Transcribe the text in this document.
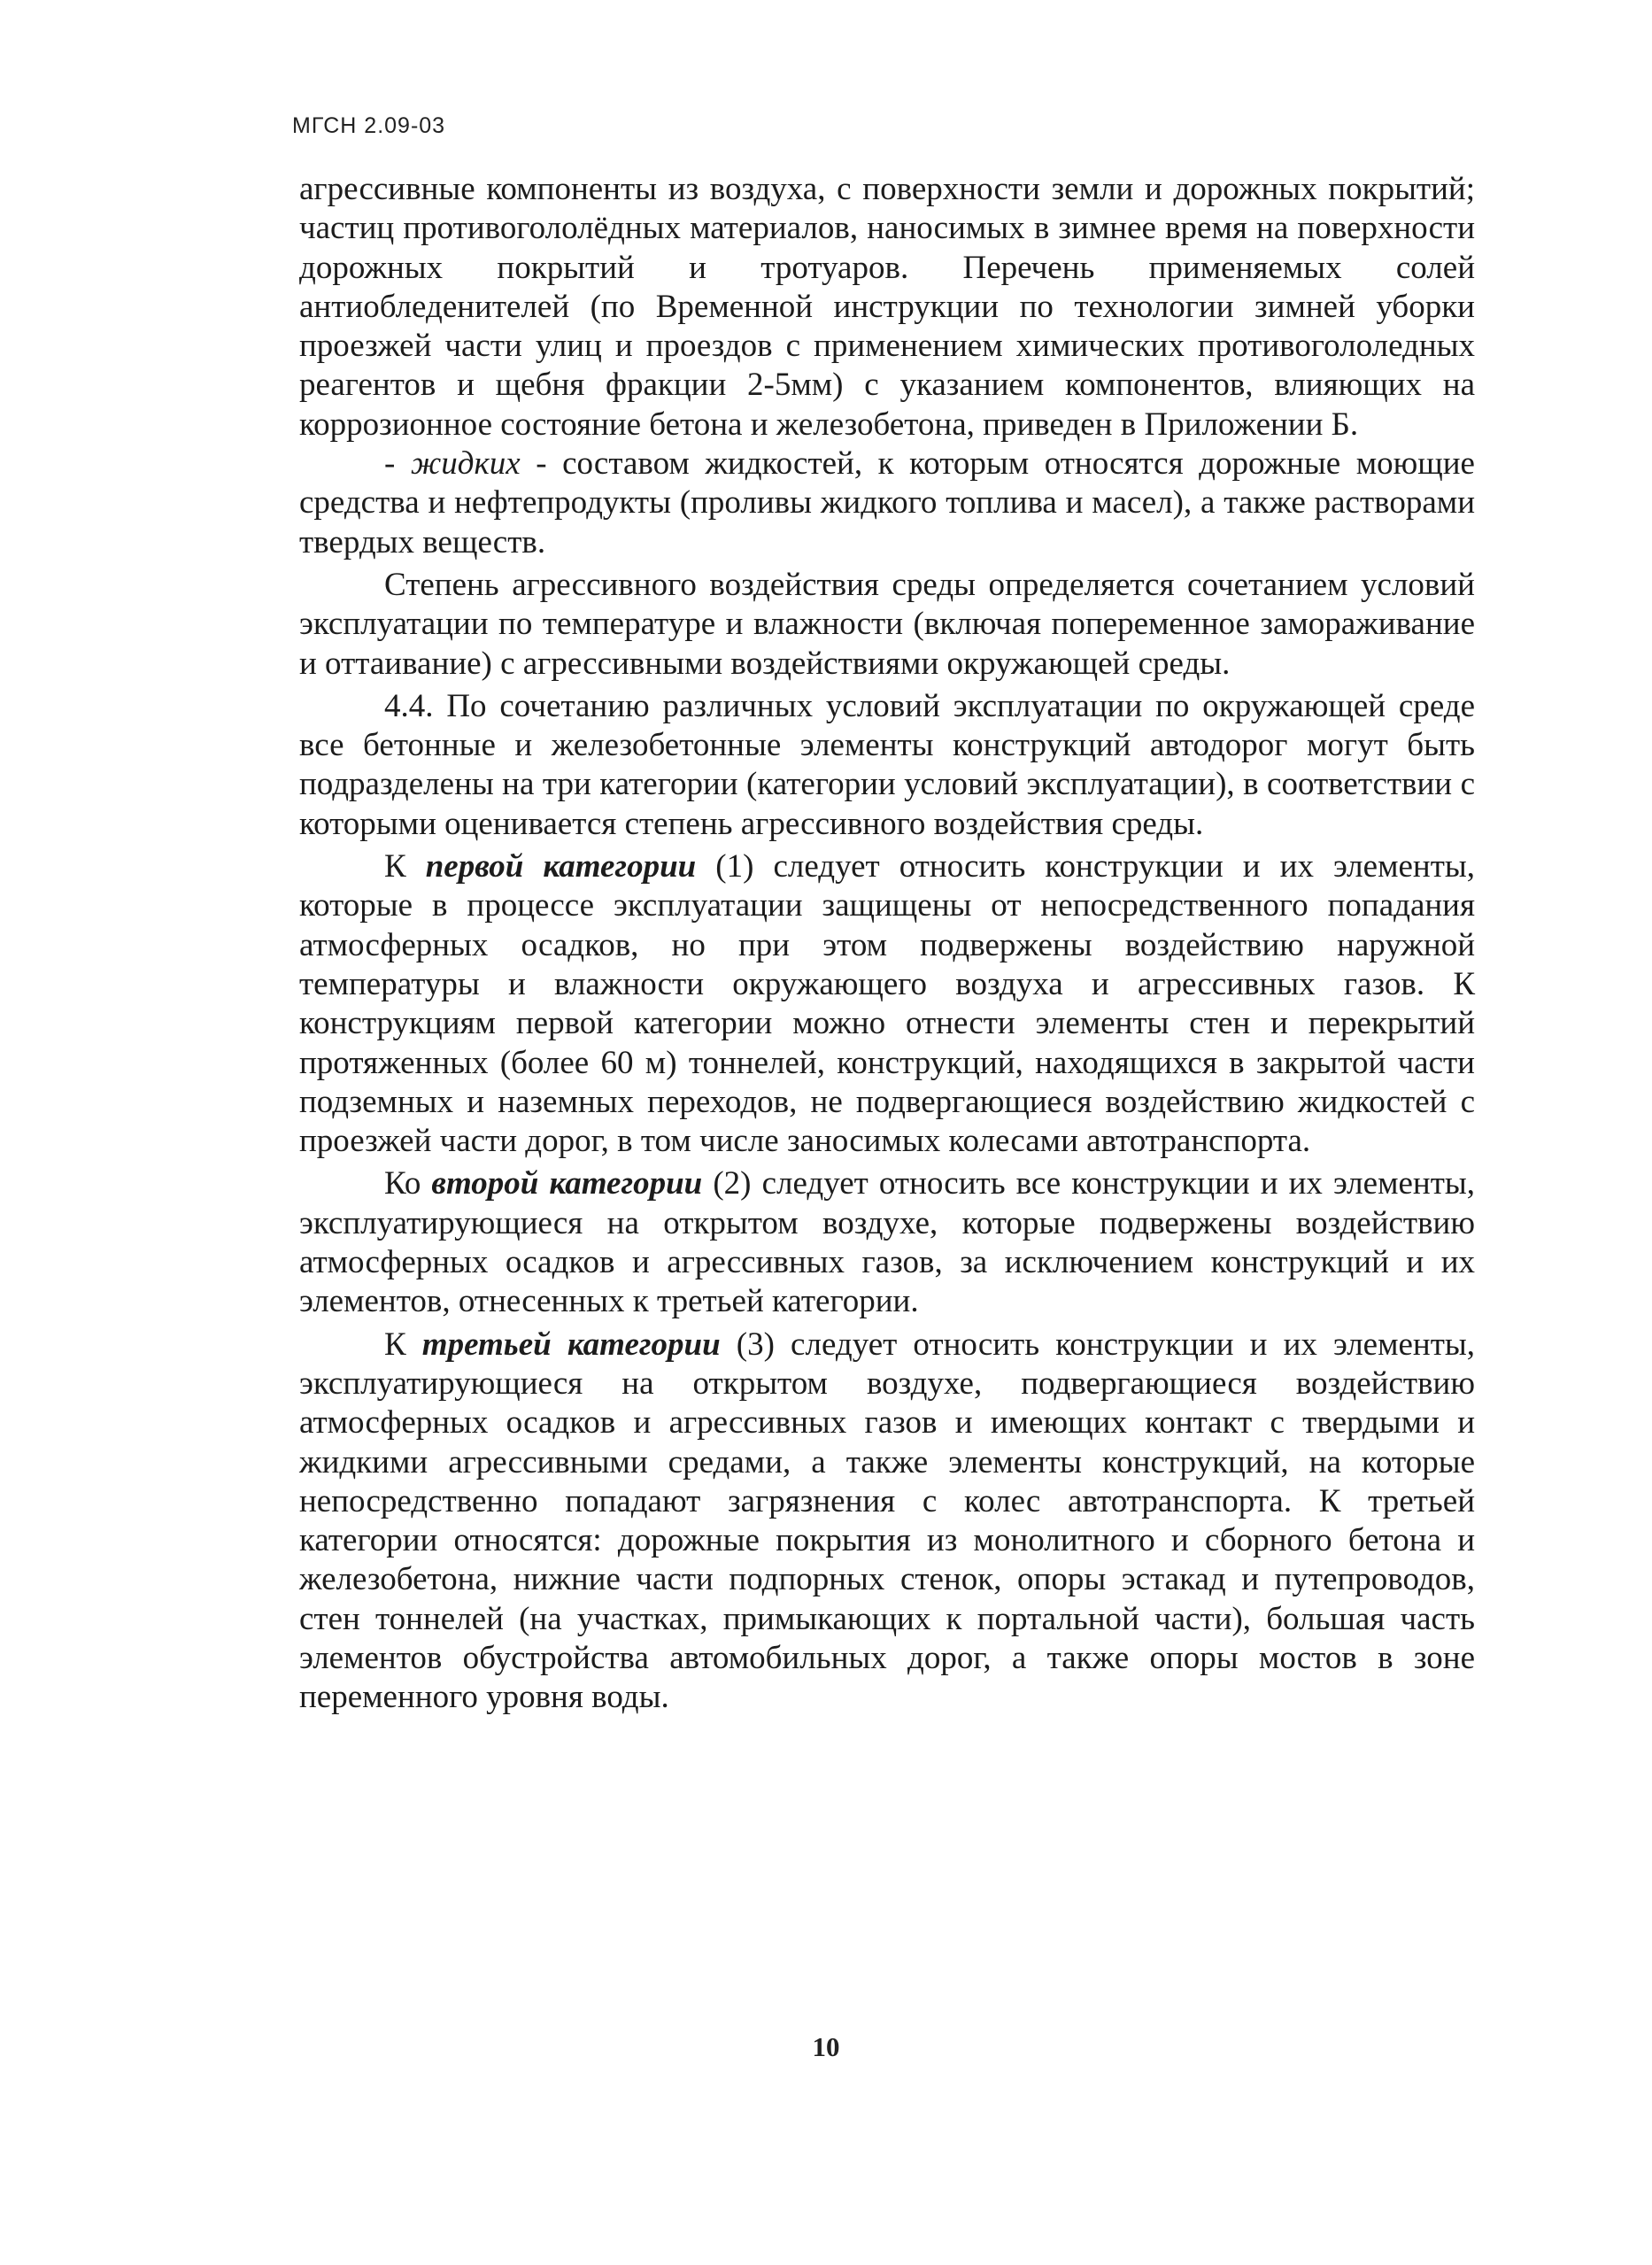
МГСН 2.09-03

агрессивные компоненты из воздуха, с поверхности земли и дорожных покрытий; частиц противогололёдных материалов, наносимых в зимнее время на поверхности дорожных покрытий и тротуаров. Перечень применяемых солей антиобледенителей (по Временной инструкции по технологии зимней уборки проезжей части улиц и проездов с применением химических противогололедных реагентов и щебня фракции 2-5мм) с указанием компонентов, влияющих на коррозионное состояние бетона и железобетона, приведен в Приложении Б.

- жидких - составом жидкостей, к которым относятся дорожные моющие средства и нефтепродукты (проливы жидкого топлива и масел), а также растворами твердых веществ.

Степень агрессивного воздействия среды определяется сочетанием условий эксплуатации по температуре и влажности (включая попеременное замораживание и оттаивание) с агрессивными воздействиями окружающей среды.

4.4. По сочетанию различных условий эксплуатации по окружающей среде все бетонные и железобетонные элементы конструкций автодорог могут быть подразделены на три категории (категории условий эксплуатации), в соответствии с которыми оценивается степень агрессивного воздействия среды.

К первой категории (1) следует относить конструкции и их элементы, которые в процессе эксплуатации защищены от непосредственного попадания атмосферных осадков, но при этом подвержены воздействию наружной температуры и влажности окружающего воздуха и агрессивных газов. К конструкциям первой категории можно отнести элементы стен и перекрытий протяженных (более 60 м) тоннелей, конструкций, находящихся в закрытой части подземных и наземных переходов, не подвергающиеся воздействию жидкостей с проезжей части дорог, в том числе заносимых колесами автотранспорта.

Ко второй категории (2) следует относить все конструкции и их элементы, эксплуатирующиеся на открытом воздухе, которые подвержены воздействию атмосферных осадков и агрессивных газов, за исключением конструкций и их элементов, отнесенных к третьей категории.

К третьей категории (3) следует относить конструкции и их элементы, эксплуатирующиеся на открытом воздухе, подвергающиеся воздействию атмосферных осадков и агрессивных газов и имеющих контакт с твердыми и жидкими агрессивными средами, а также элементы конструкций, на которые непосредственно попадают загрязнения с колес автотранспорта. К третьей категории относятся: дорожные покрытия из монолитного и сборного бетона и железобетона, нижние части подпорных стенок, опоры эстакад и путепроводов, стен тоннелей (на участках, примыкающих к портальной части), большая часть элементов обустройства автомобильных дорог, а также опоры мостов в зоне переменного уровня воды.

10
